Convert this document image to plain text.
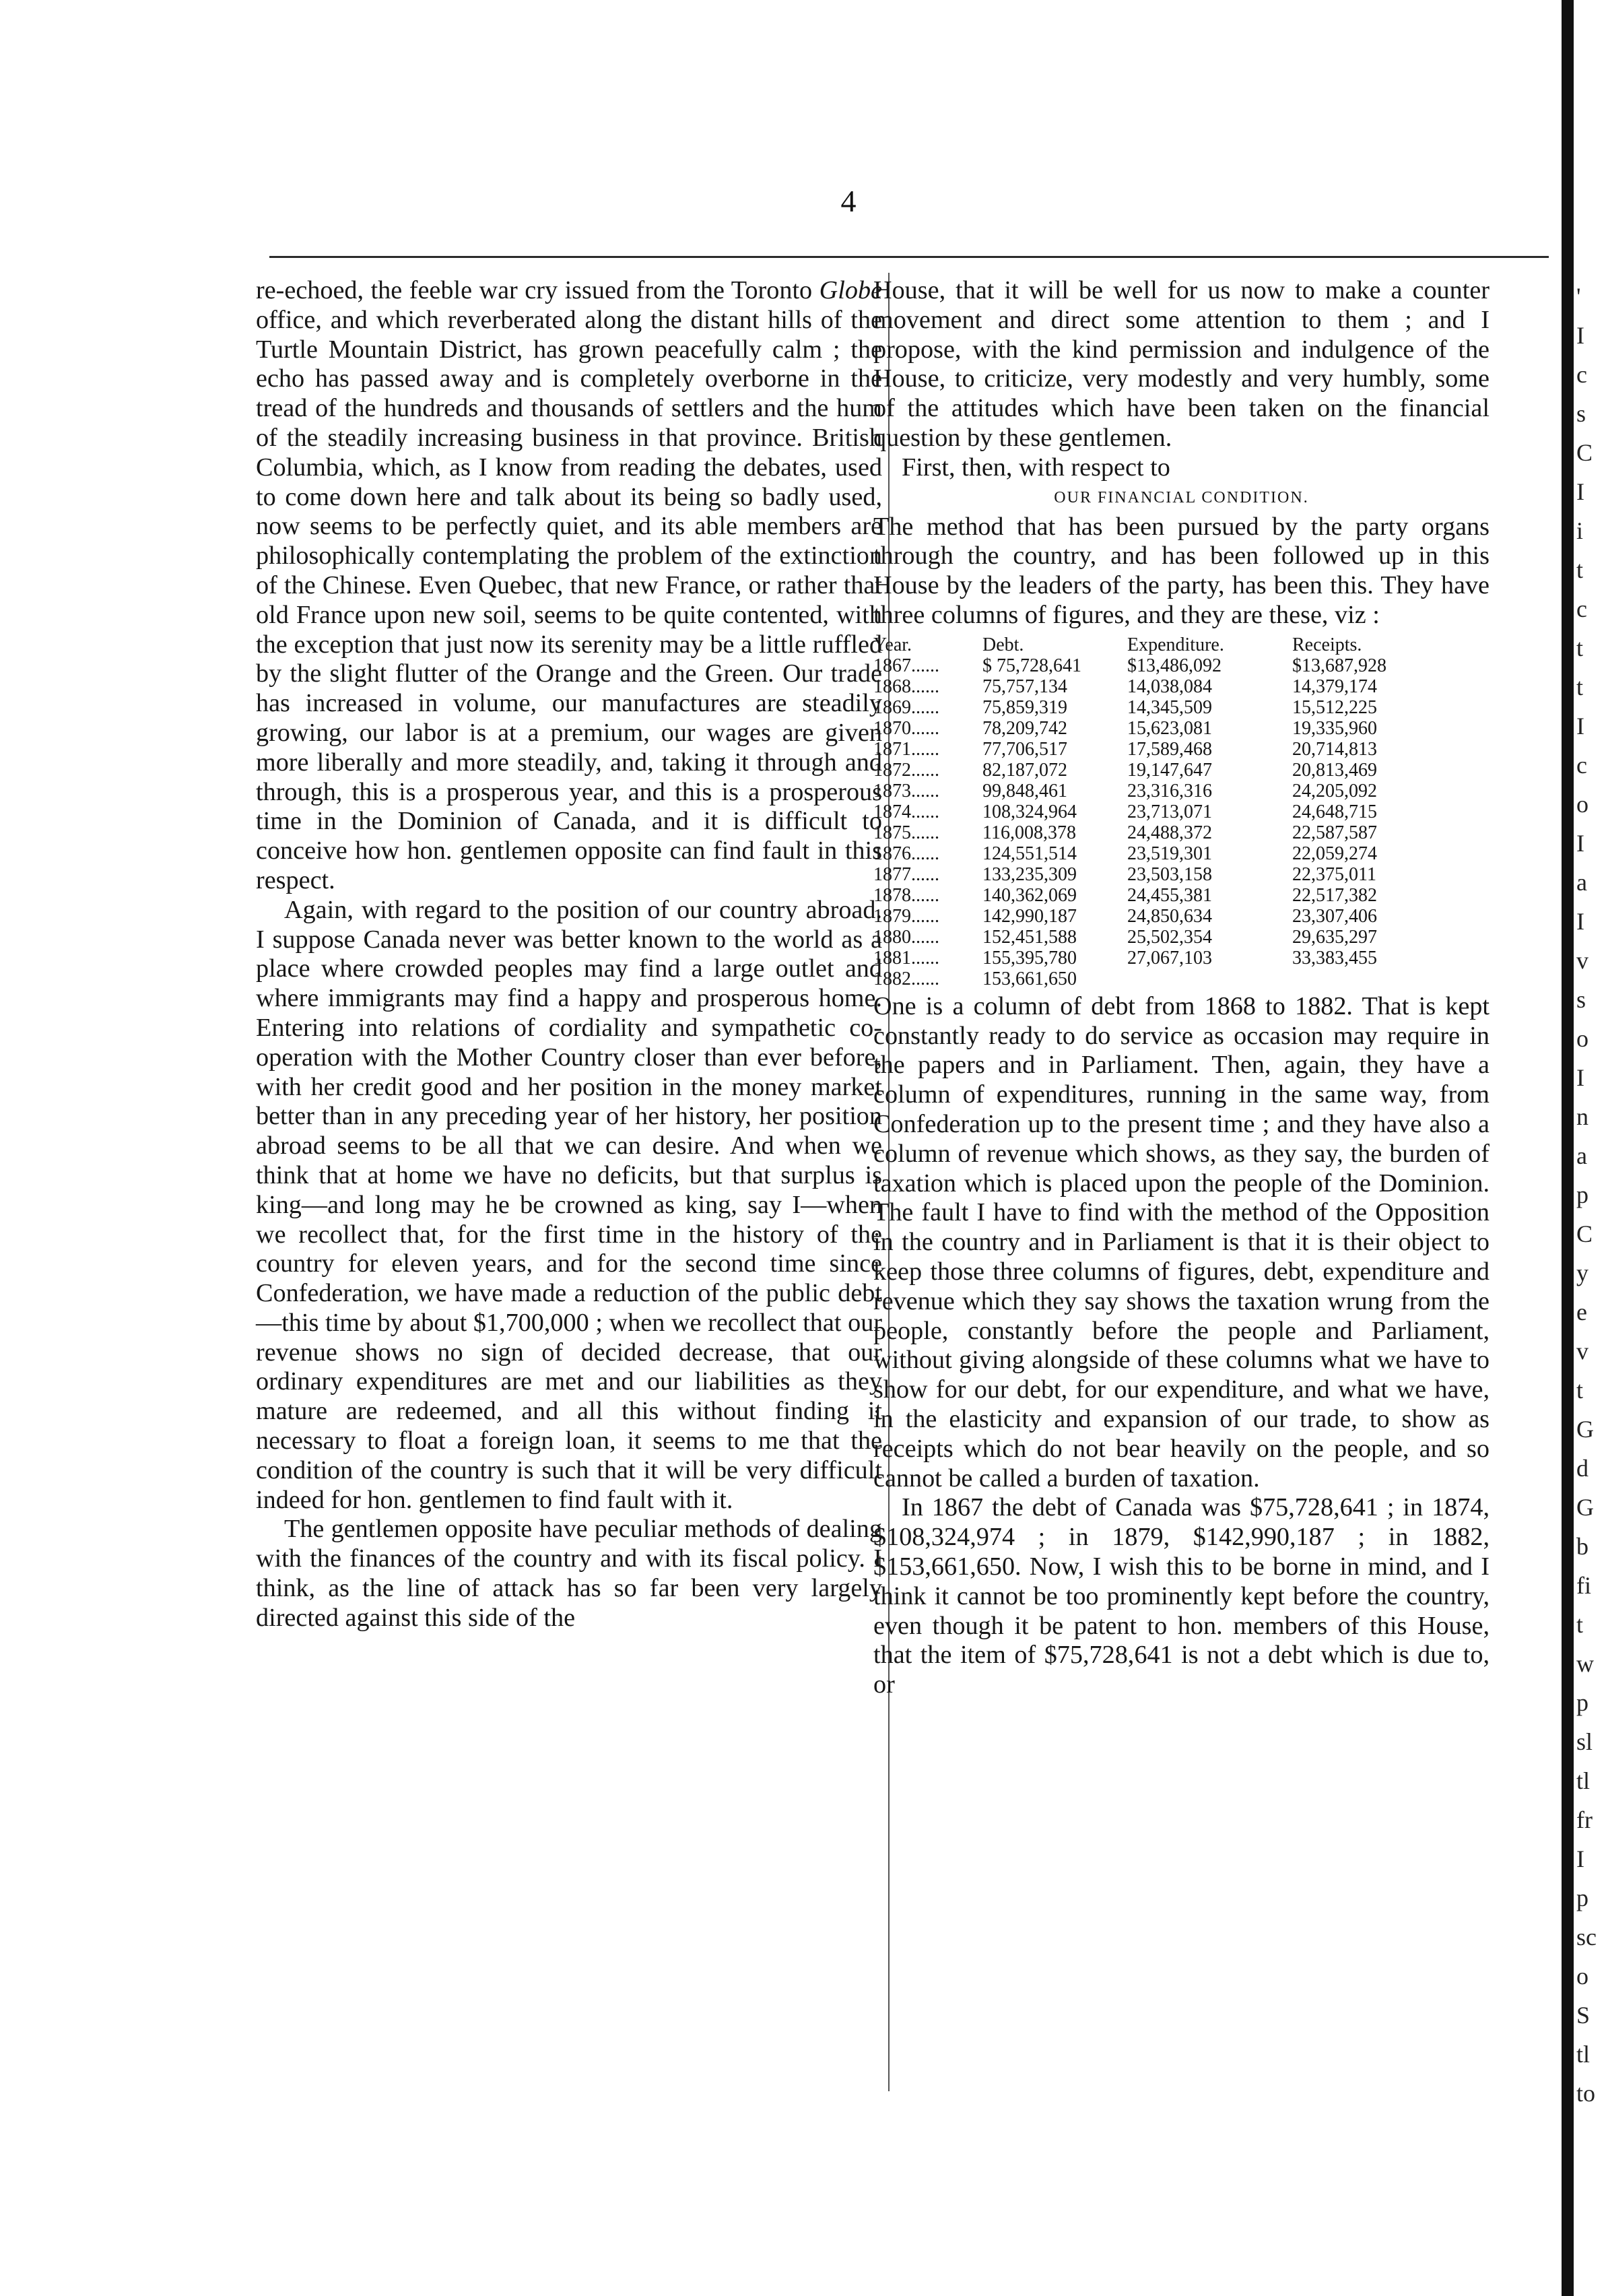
4

re-echoed, the feeble war cry issued from the Toronto Globe office, and which reverberated along the distant hills of the Turtle Mountain District, has grown peacefully calm ; the echo has passed away and is completely overborne in the tread of the hundreds and thousands of settlers and the hum of the steadily increasing business in that province. British Columbia, which, as I know from reading the debates, used to come down here and talk about its being so badly used, now seems to be perfectly quiet, and its able members are philosophically contemplating the problem of the extinction of the Chinese. Even Quebec, that new France, or rather that old France upon new soil, seems to be quite contented, with the exception that just now its serenity may be a little ruffled by the slight flutter of the Orange and the Green. Our trade has increased in volume, our manufactures are steadily growing, our labor is at a premium, our wages are given more liberally and more steadily, and, taking it through and through, this is a prosperous year, and this is a prosperous time in the Dominion of Canada, and it is difficult to conceive how hon. gentlemen opposite can find fault in this respect.

Again, with regard to the position of our country abroad. I suppose Canada never was better known to the world as a place where crowded peoples may find a large outlet and where immigrants may find a happy and prosperous home. Entering into relations of cordiality and sympathetic co-operation with the Mother Country closer than ever before, with her credit good and her position in the money market better than in any preceding year of her history, her position abroad seems to be all that we can desire. And when we think that at home we have no deficits, but that surplus is king—and long may he be crowned as king, say I—when we recollect that, for the first time in the history of the country for eleven years, and for the second time since Confederation, we have made a reduction of the public debt—this time by about $1,700,000 ; when we recollect that our revenue shows no sign of decided decrease, that our ordinary expenditures are met and our liabilities as they mature are redeemed, and all this without finding it necessary to float a foreign loan, it seems to me that the condition of the country is such that it will be very difficult indeed for hon. gentlemen to find fault with it.

The gentlemen opposite have peculiar methods of dealing with the finances of the country and with its fiscal policy. I think, as the line of attack has so far been very largely directed against this side of the

House, that it will be well for us now to make a counter movement and direct some attention to them ; and I propose, with the kind permission and indulgence of the House, to criticize, very modestly and very humbly, some of the attitudes which have been taken on the financial question by these gentlemen.

First, then, with respect to

OUR FINANCIAL CONDITION.

The method that has been pursued by the party organs through the country, and has been followed up in this House by the leaders of the party, has been this. They have three columns of figures, and they are these, viz :

Year.	Debt.	Expenditure.	Receipts.
1867......	$ 75,728,641	$13,486,092	$13,687,928
1868......	75,757,134	14,038,084	14,379,174
1869......	75,859,319	14,345,509	15,512,225
1870......	78,209,742	15,623,081	19,335,960
1871......	77,706,517	17,589,468	20,714,813
1872......	82,187,072	19,147,647	20,813,469
1873......	99,848,461	23,316,316	24,205,092
1874......	108,324,964	23,713,071	24,648,715
1875......	116,008,378	24,488,372	22,587,587
1876......	124,551,514	23,519,301	22,059,274
1877......	133,235,309	23,503,158	22,375,011
1878......	140,362,069	24,455,381	22,517,382
1879......	142,990,187	24,850,634	23,307,406
1880......	152,451,588	25,502,354	29,635,297
1881......	155,395,780	27,067,103	33,383,455
1882......	153,661,650

One is a column of debt from 1868 to 1882. That is kept constantly ready to do service as occasion may require in the papers and in Parliament. Then, again, they have a column of expenditures, running in the same way, from Confederation up to the present time ; and they have also a column of revenue which shows, as they say, the burden of taxation which is placed upon the people of the Dominion. The fault I have to find with the method of the Opposition in the country and in Parliament is that it is their object to keep those three columns of figures, debt, expenditure and revenue which they say shows the taxation wrung from the people, constantly before the people and Parliament, without giving alongside of these columns what we have to show for our debt, for our expenditure, and what we have, in the elasticity and expansion of our trade, to show as receipts which do not bear heavily on the people, and so cannot be called a burden of taxation.

In 1867 the debt of Canada was $75,728,641 ; in 1874, $108,324,974 ; in 1879, $142,990,187 ; in 1882, $153,661,650. Now, I wish this to be borne in mind, and I think it cannot be too prominently kept before the country, even though it be patent to hon. members of this House, that the item of $75,728,641 is not a debt which is due to, or

'
I
c
s
C
I
i
t
c
t
t
I
c
o
I
a
I
v
s
o
I
n
a
p
C
y
e
v
t
G
d
G
b
fi
t
w
p
sl
tl
fr
I
p
sc
o
S
tl
to
